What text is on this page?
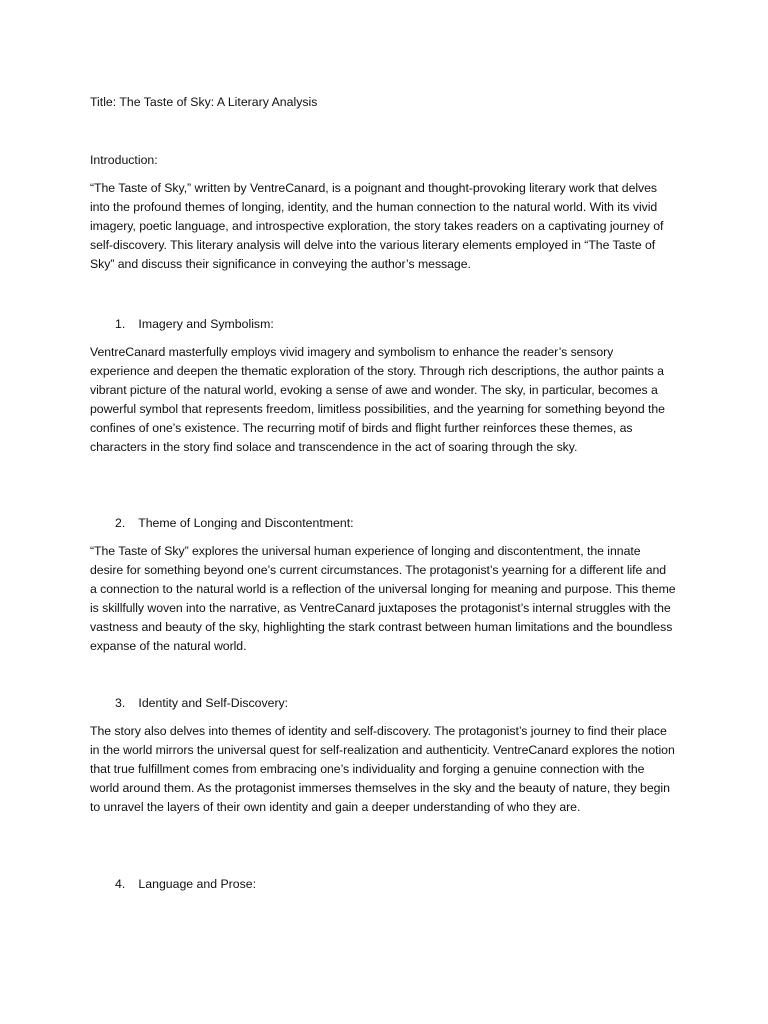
Title: The Taste of Sky: A Literary Analysis

Introduction:

“The Taste of Sky,” written by VentreCanard, is a poignant and thought-provoking literary work that delves into the profound themes of longing, identity, and the human connection to the natural world. With its vivid imagery, poetic language, and introspective exploration, the story takes readers on a captivating journey of self-discovery. This literary analysis will delve into the various literary elements employed in “The Taste of Sky” and discuss their significance in conveying the author’s message.

1. Imagery and Symbolism:

VentreCanard masterfully employs vivid imagery and symbolism to enhance the reader’s sensory experience and deepen the thematic exploration of the story. Through rich descriptions, the author paints a vibrant picture of the natural world, evoking a sense of awe and wonder. The sky, in particular, becomes a powerful symbol that represents freedom, limitless possibilities, and the yearning for something beyond the confines of one’s existence. The recurring motif of birds and flight further reinforces these themes, as characters in the story find solace and transcendence in the act of soaring through the sky.

2. Theme of Longing and Discontentment:

“The Taste of Sky” explores the universal human experience of longing and discontentment, the innate desire for something beyond one’s current circumstances. The protagonist’s yearning for a different life and a connection to the natural world is a reflection of the universal longing for meaning and purpose. This theme is skillfully woven into the narrative, as VentreCanard juxtaposes the protagonist’s internal struggles with the vastness and beauty of the sky, highlighting the stark contrast between human limitations and the boundless expanse of the natural world.

3. Identity and Self-Discovery:

The story also delves into themes of identity and self-discovery. The protagonist’s journey to find their place in the world mirrors the universal quest for self-realization and authenticity. VentreCanard explores the notion that true fulfillment comes from embracing one’s individuality and forging a genuine connection with the world around them. As the protagonist immerses themselves in the sky and the beauty of nature, they begin to unravel the layers of their own identity and gain a deeper understanding of who they are.

4. Language and Prose:
